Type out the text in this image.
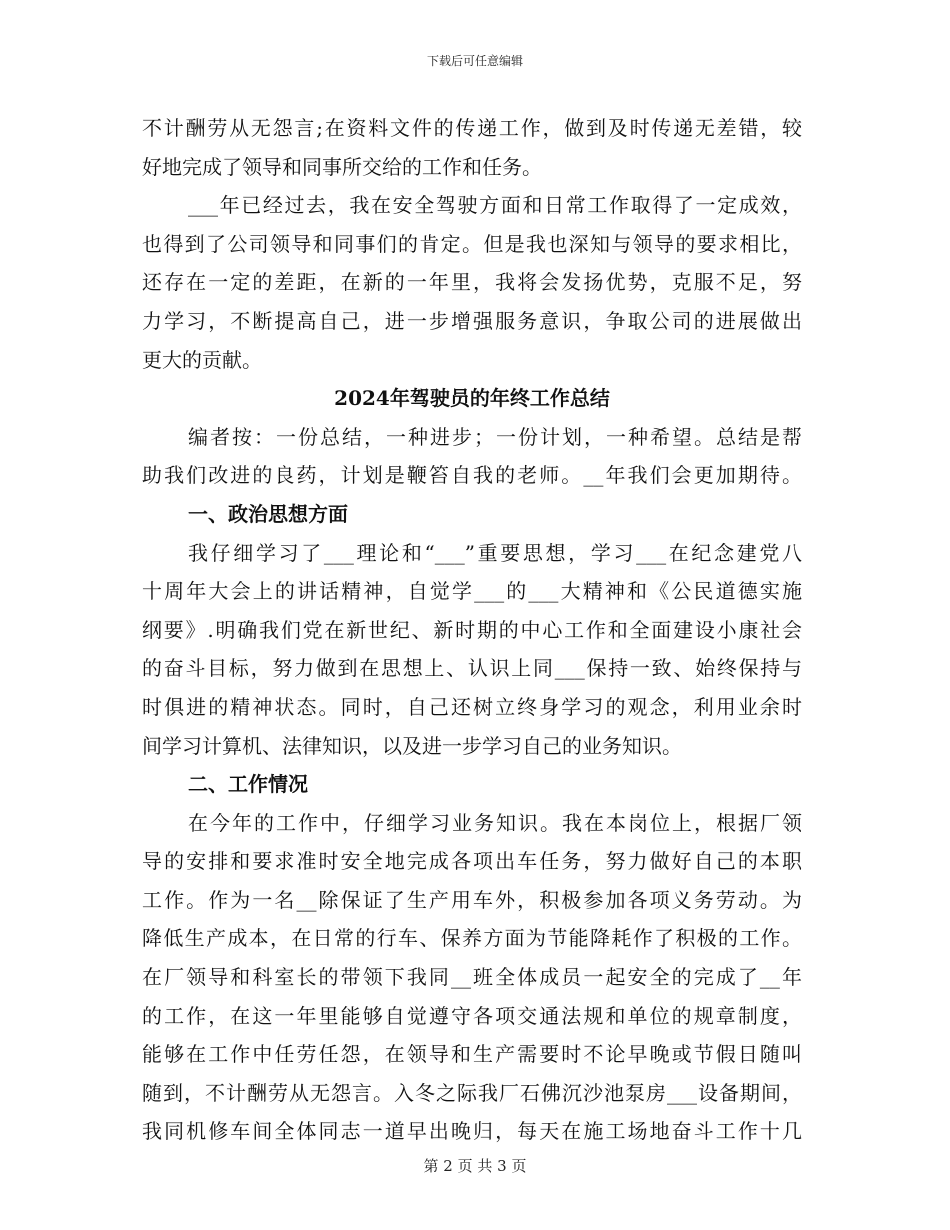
下载后可任意编辑
不计酬劳从无怨言;在资料文件的传递工作，做到及时传递无差错，较
好地完成了领导和同事所交给的工作和任务。
___年已经过去，我在安全驾驶方面和日常工作取得了一定成效，
也得到了公司领导和同事们的肯定。但是我也深知与领导的要求相比，
还存在一定的差距，在新的一年里，我将会发扬优势，克服不足，努
力学习，不断提高自己，进一步增强服务意识，争取公司的进展做出
更大的贡献。
2024年驾驶员的年终工作总结
编者按：一份总结，一种进步；一份计划，一种希望。总结是帮
助我们改进的良药，计划是鞭笞自我的老师。__年我们会更加期待。
一、政治思想方面
我仔细学习了___理论和“___”重要思想，学习___在纪念建党八
十周年大会上的讲话精神，自觉学___的___大精神和《公民道德实施
纲要》.明确我们党在新世纪、新时期的中心工作和全面建设小康社会
的奋斗目标，努力做到在思想上、认识上同___保持一致、始终保持与
时俱进的精神状态。同时，自己还树立终身学习的观念，利用业余时
间学习计算机、法律知识，以及进一步学习自己的业务知识。
二、工作情况
在今年的工作中，仔细学习业务知识。我在本岗位上，根据厂领
导的安排和要求准时安全地完成各项出车任务，努力做好自己的本职
工作。作为一名__除保证了生产用车外，积极参加各项义务劳动。为
降低生产成本，在日常的行车、保养方面为节能降耗作了积极的工作。
在厂领导和科室长的带领下我同__班全体成员一起安全的完成了__年
的工作，在这一年里能够自觉遵守各项交通法规和单位的规章制度，
能够在工作中任劳任怨，在领导和生产需要时不论早晚或节假日随叫
随到，不计酬劳从无怨言。入冬之际我厂石佛沉沙池泵房___设备期间，
我同机修车间全体同志一道早出晚归，每天在施工场地奋斗工作十几
第 2 页 共 3 页
